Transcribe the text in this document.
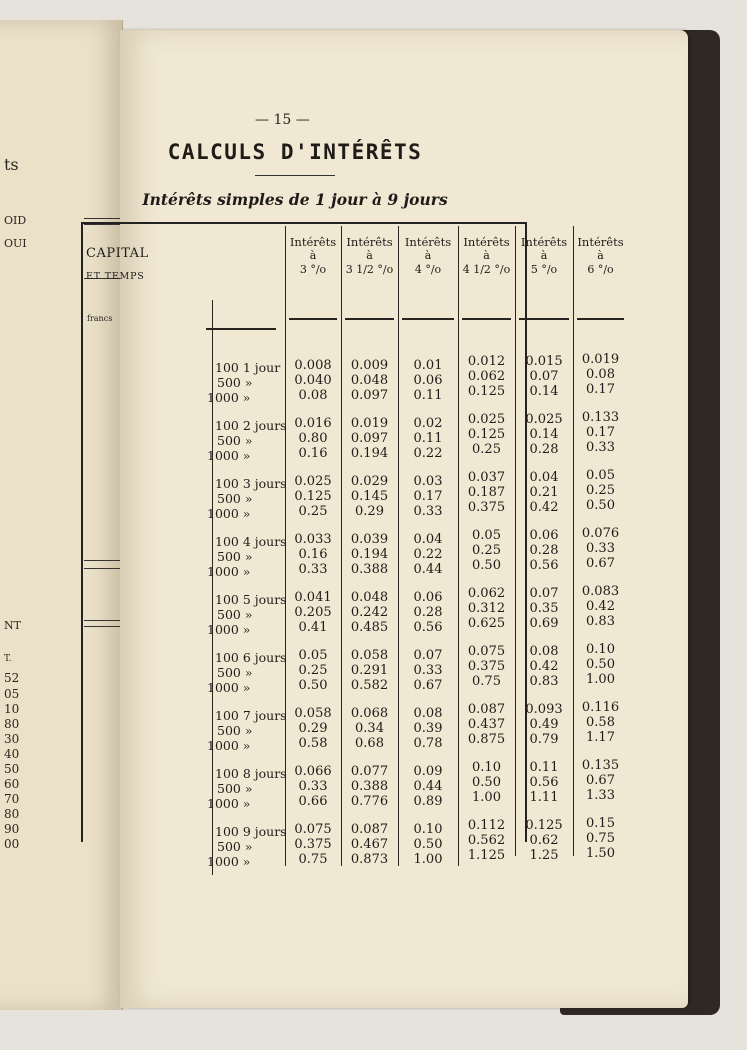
ts
OID
OUI
NT
T.
52
05
10
80
30
40
50
60
70
80
90
00
— 15 —
CALCULS D'INTÉRÊTS
Intérêts simples de 1 jour à 9 jours
Intérêts
à
3 °/o
Intérêts
à
3 1/2 °/o
Intérêts
à
4 °/o
Intérêts
à
4 1/2 °/o
Intérêts
à
5 °/o
Intérêts
à
6 °/o
100 1 jour
500 »
1000 »
0.008
0.040
0.08
0.009
0.048
0.097
0.01
0.06
0.11
0.012
0.062
0.125
0.015
0.07
0.14
0.019
0.08
0.17
100 2 jours
500 »
1000 »
0.016
0.80
0.16
0.019
0.097
0.194
0.02
0.11
0.22
0.025
0.125
0.25
0.025
0.14
0.28
0.133
0.17
0.33
100 3 jours
500 »
1000 »
0.025
0.125
0.25
0.029
0.145
0.29
0.03
0.17
0.33
0.037
0.187
0.375
0.04
0.21
0.42
0.05
0.25
0.50
100 4 jours
500 »
1000 »
0.033
0.16
0.33
0.039
0.194
0.388
0.04
0.22
0.44
0.05
0.25
0.50
0.06
0.28
0.56
0.076
0.33
0.67
100 5 jours
500 »
1000 »
0.041
0.205
0.41
0.048
0.242
0.485
0.06
0.28
0.56
0.062
0.312
0.625
0.07
0.35
0.69
0.083
0.42
0.83
100 6 jours
500 »
1000 »
0.05
0.25
0.50
0.058
0.291
0.582
0.07
0.33
0.67
0.075
0.375
0.75
0.08
0.42
0.83
0.10
0.50
1.00
100 7 jours
500 »
1000 »
0.058
0.29
0.58
0.068
0.34
0.68
0.08
0.39
0.78
0.087
0.437
0.875
0.093
0.49
0.79
0.116
0.58
1.17
100 8 jours
500 »
1000 »
0.066
0.33
0.66
0.077
0.388
0.776
0.09
0.44
0.89
0.10
0.50
1.00
0.11
0.56
1.11
0.135
0.67
1.33
100 9 jours
500 »
1000 »
0.075
0.375
0.75
0.087
0.467
0.873
0.10
0.50
1.00
0.112
0.562
1.125
0.125
0.62
1.25
0.15
0.75
1.50
CAPITAL
ET TEMPS
francs
